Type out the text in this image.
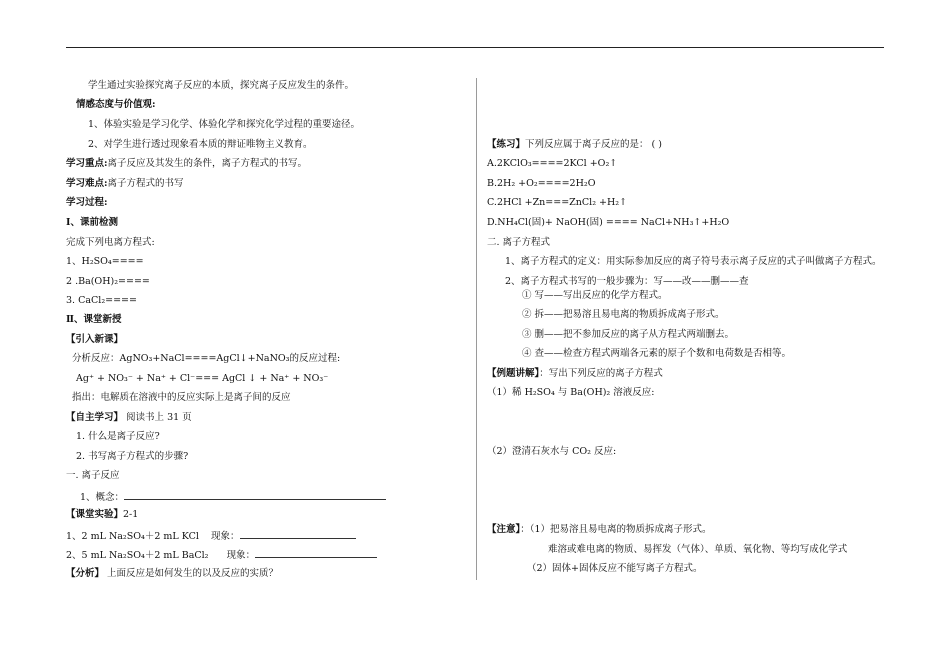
学生通过实验探究离子反应的本质，探究离子反应发生的条件。
情感态度与价值观:
1、体验实验是学习化学、体验化学和探究化学过程的重要途径。
2、对学生进行透过现象看本质的辩证唯物主义教育。
学习重点:离子反应及其发生的条件，离子方程式的书写。
学习难点:离子方程式的书写
学习过程:
Ⅰ、课前检测
完成下列电离方程式:
1、H₂SO₄====
2 .Ba(OH)₂====
3. CaCl₂====
Ⅱ、课堂新授
【引入新课】
分析反应：AgNO₃+NaCl====AgCl↓+NaNO₃的反应过程:
Ag⁺ + NO₃⁻ + Na⁺ + Cl⁻=== AgCl ↓ + Na⁺ + NO₃⁻
指出：电解质在溶液中的反应实际上是离子间的反应
【自主学习】 阅读书上 31 页
1. 什么是离子反应?
2. 书写离子方程式的步骤?
一. 离子反应
1、概念：
【课堂实验】2-1
1、2 mL Na₂SO₄＋2 mL KCl 现象：
2、5 mL Na₂SO₄＋2 mL BaCl₂ 现象：
【分析】 上面反应是如何发生的以及反应的实质？
【练习】下列反应属于离子反应的是： ( )
A.2KClO₃====2KCl +O₂↑
B.2H₂ +O₂====2H₂O
C.2HCl +Zn===ZnCl₂ +H₂↑
D.NH₄Cl(固)+ NaOH(固) ==== NaCl+NH₃↑+H₂O
二. 离子方程式
1、离子方程式的定义：用实际参加反应的离子符号表示离子反应的式子叫做离子方程式。
2、离子方程式书写的一般步骤为：写——改——删——查
① 写——写出反应的化学方程式。
② 拆——把易溶且易电离的物质拆成离子形式。
③ 删——把不参加反应的离子从方程式两端删去。
④ 查——检查方程式两端各元素的原子个数和电荷数是否相等。
【例题讲解】：写出下列反应的离子方程式
（1）稀 H₂SO₄ 与 Ba(OH)₂ 溶液反应:
（2）澄清石灰水与 CO₂ 反应:
【注意】：（1）把易溶且易电离的物质拆成离子形式。
难溶或难电离的物质、易挥发（气体）、单质、氧化物、等均写成化学式
（2）固体+固体反应不能写离子方程式。
